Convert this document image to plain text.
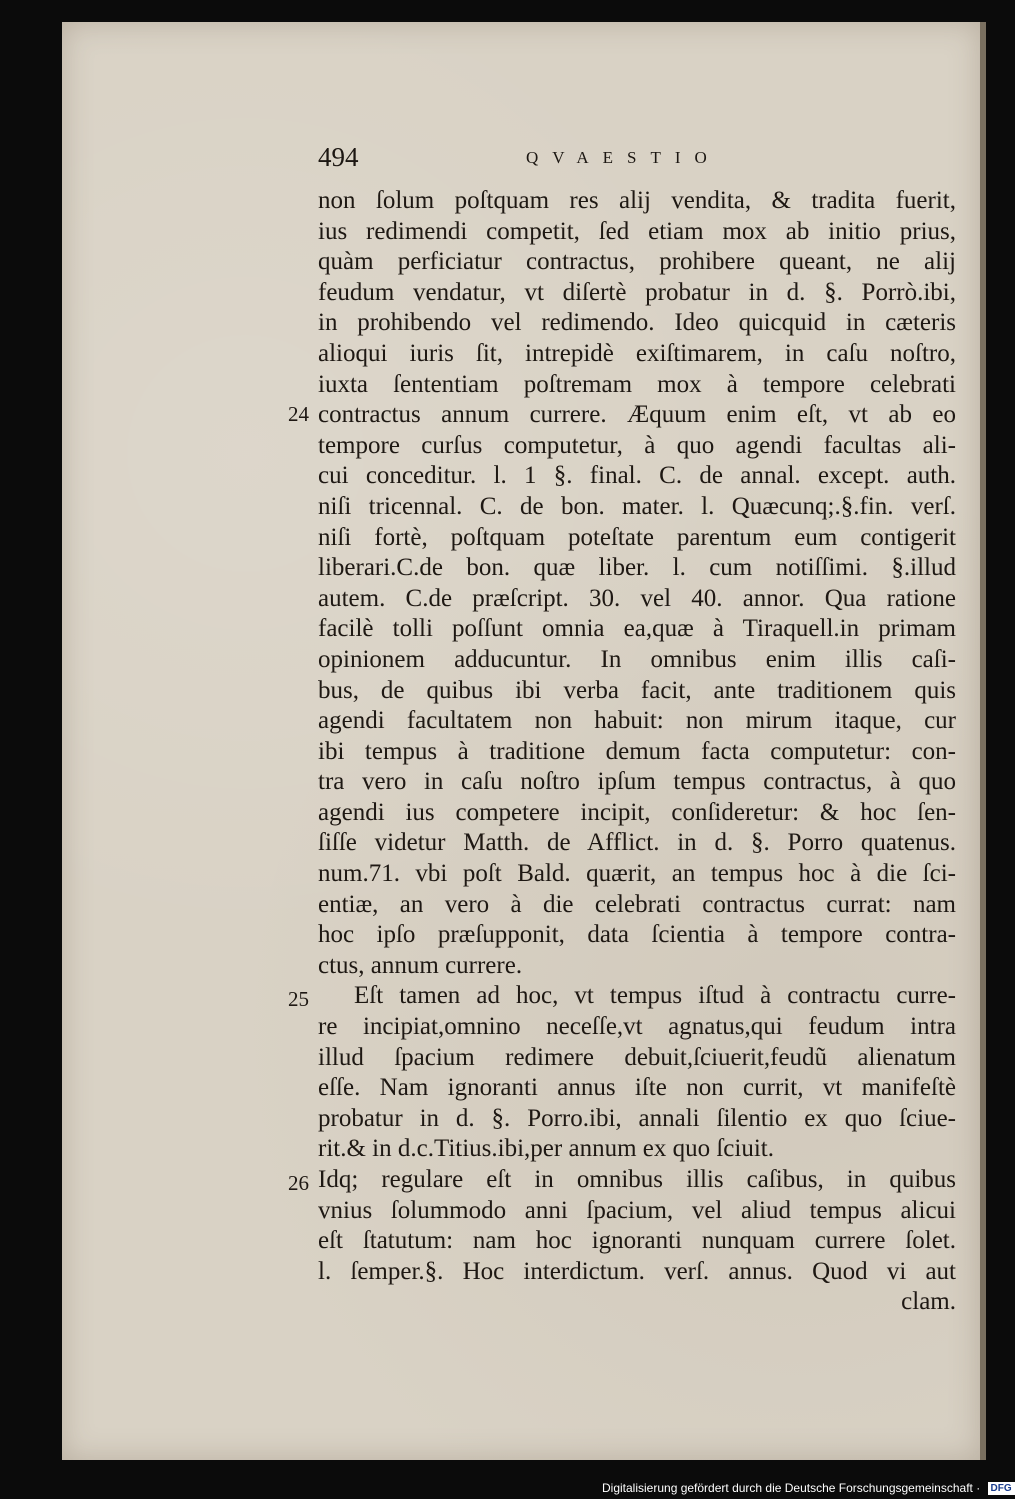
494	QVAESTIO
non ſolum poſtquam res alij vendita, & tradita fuerit,
ius redimendi competit, ſed etiam mox ab initio prius,
quàm perficiatur contractus, prohibere queant, ne alij
feudum vendatur, vt diſertè probatur in d. §. Porrò.ibi,
in prohibendo vel redimendo. Ideo quicquid in cæteris
alioqui iuris ſit, intrepidè exiſtimarem, in caſu noſtro,
iuxta ſententiam poſtremam mox à tempore celebrati
24 contractus annum currere. Æquum enim eſt, vt ab eo
tempore curſus computetur, à quo agendi facultas ali-
cui conceditur. l. 1 §. final. C. de annal. except. auth.
niſi tricennal. C. de bon. mater. l. Quæcunq;.§.fin. verſ.
niſi fortè, poſtquam poteſtate parentum eum contigerit
liberari.C.de bon. quæ liber. l. cum notiſſimi. §.illud
autem. C.de præſcript. 30. vel 40. annor. Qua ratione
facilè tolli poſſunt omnia ea,quæ à Tiraquell.in primam
opinionem adducuntur. In omnibus enim illis caſi-
bus, de quibus ibi verba facit, ante traditionem quis
agendi facultatem non habuit: non mirum itaque, cur
ibi tempus à traditione demum facta computetur: con-
tra vero in caſu noſtro ipſum tempus contractus, à quo
agendi ius competere incipit, conſideretur: & hoc ſen-
ſiſſe videtur Matth. de Afflict. in d. §. Porro quatenus.
num.71. vbi poſt Bald. quærit, an tempus hoc à die ſci-
entiæ, an vero à die celebrati contractus currat: nam
hoc ipſo præſupponit, data ſcientia à tempore contra-
ctus, annum currere.
25	Eſt tamen ad hoc, vt tempus iſtud à contractu curre-
re incipiat,omnino neceſſe,vt agnatus,qui feudum intra
illud ſpacium redimere debuit,ſciuerit,feudũ alienatum
eſſe. Nam ignoranti annus iſte non currit, vt manifeſtè
probatur in d. §. Porro.ibi, annali ſilentio ex quo ſciue-
rit.& in d.c.Titius.ibi,per annum ex quo ſciuit.
26 Idq; regulare eſt in omnibus illis caſibus, in quibus
vnius ſolummodo anni ſpacium, vel aliud tempus alicui
eſt ſtatutum: nam hoc ignoranti nunquam currere ſolet.
l. ſemper.§. Hoc interdictum. verſ. annus. Quod vi aut
clam.
Digitalisierung gefördert durch die Deutsche Forschungsgemeinschaft · DFG
